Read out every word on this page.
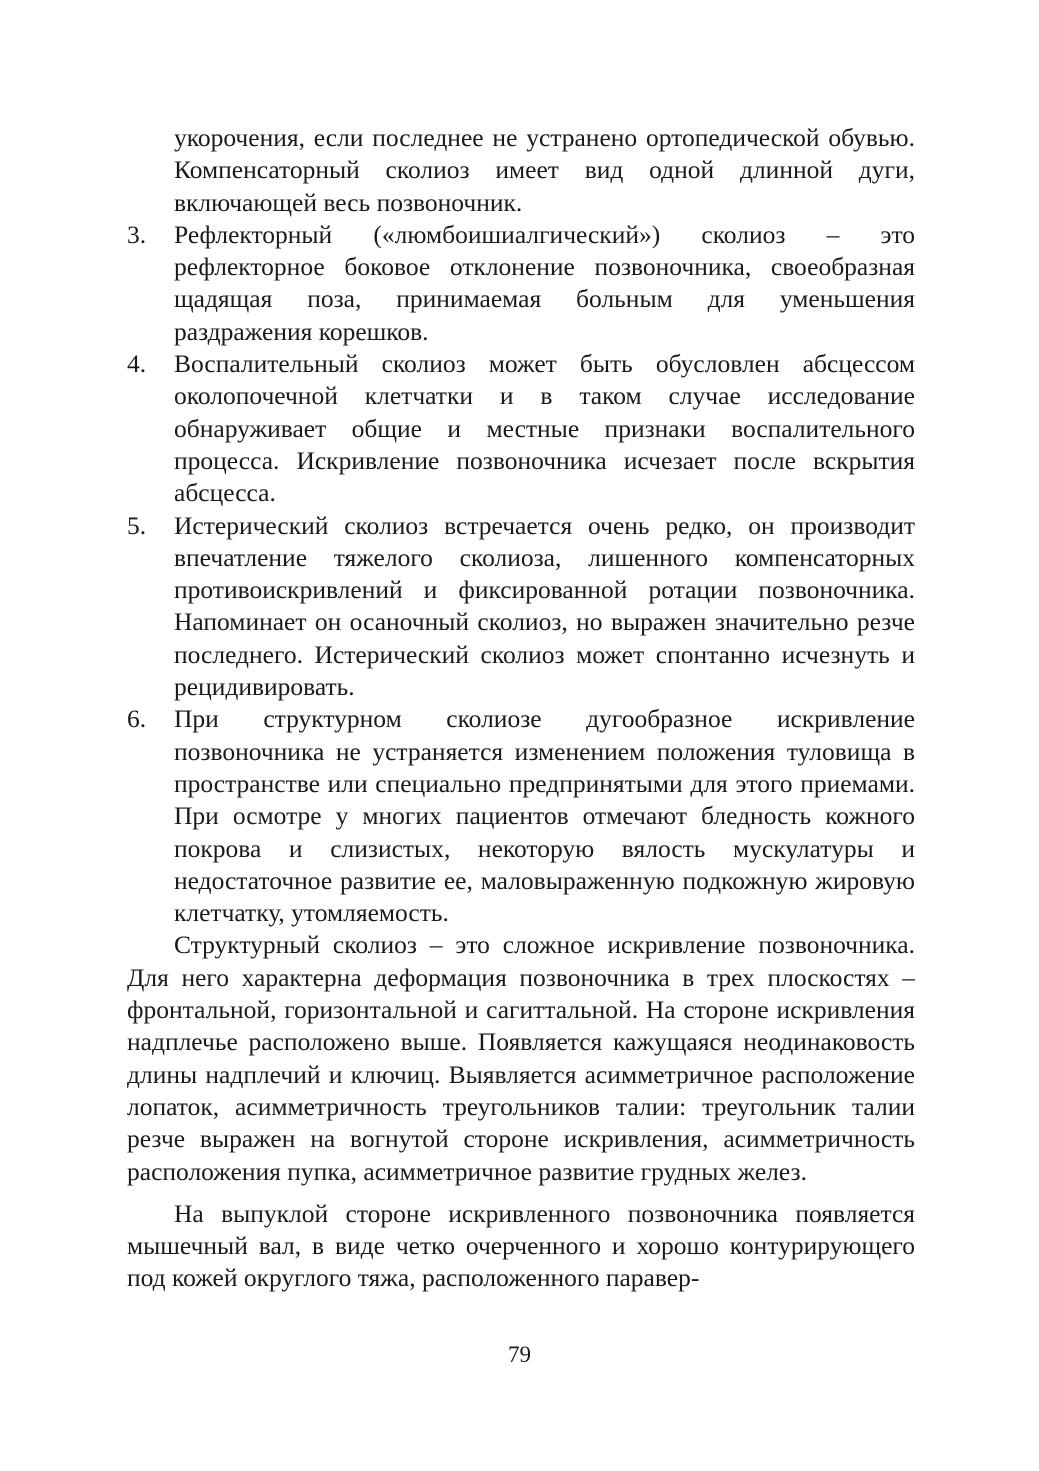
укорочения, если последнее не устранено ортопедической обувью. Компенсаторный сколиоз имеет вид одной длинной дуги, включающей весь позвоночник.
3. Рефлекторный («люмбоишиалгический») сколиоз – это рефлекторное боковое отклонение позвоночника, своеобразная щадящая поза, принимаемая больным для уменьшения раздражения корешков.
4. Воспалительный сколиоз может быть обусловлен абсцессом околопочечной клетчатки и в таком случае исследование обнаруживает общие и местные признаки воспалительного процесса. Искривление позвоночника исчезает после вскрытия абсцесса.
5. Истерический сколиоз встречается очень редко, он производит впечатление тяжелого сколиоза, лишенного компенсаторных противоискривлений и фиксированной ротации позвоночника. Напоминает он осаночный сколиоз, но выражен значительно резче последнего. Истерический сколиоз может спонтанно исчезнуть и рецидивировать.
6. При структурном сколиозе дугообразное искривление позвоночника не устраняется изменением положения туловища в пространстве или специально предпринятыми для этого приемами. При осмотре у многих пациентов отмечают бледность кожного покрова и слизистых, некоторую вялость мускулатуры и недостаточное развитие ее, маловыраженную подкожную жировую клетчатку, утомляемость.
Структурный сколиоз – это сложное искривление позвоночника. Для него характерна деформация позвоночника в трех плоскостях – фронтальной, горизонтальной и сагиттальной. На стороне искривления надплечье расположено выше. Появляется кажущаяся неодинаковость длины надплечий и ключиц. Выявляется асимметричное расположение лопаток, асимметричность треугольников талии: треугольник талии резче выражен на вогнутой стороне искривления, асимметричность расположения пупка, асимметричное развитие грудных желез.
На выпуклой стороне искривленного позвоночника появляется мышечный вал, в виде четко очерченного и хорошо контурирующего под кожей округлого тяжа, расположенного паравер-
79
